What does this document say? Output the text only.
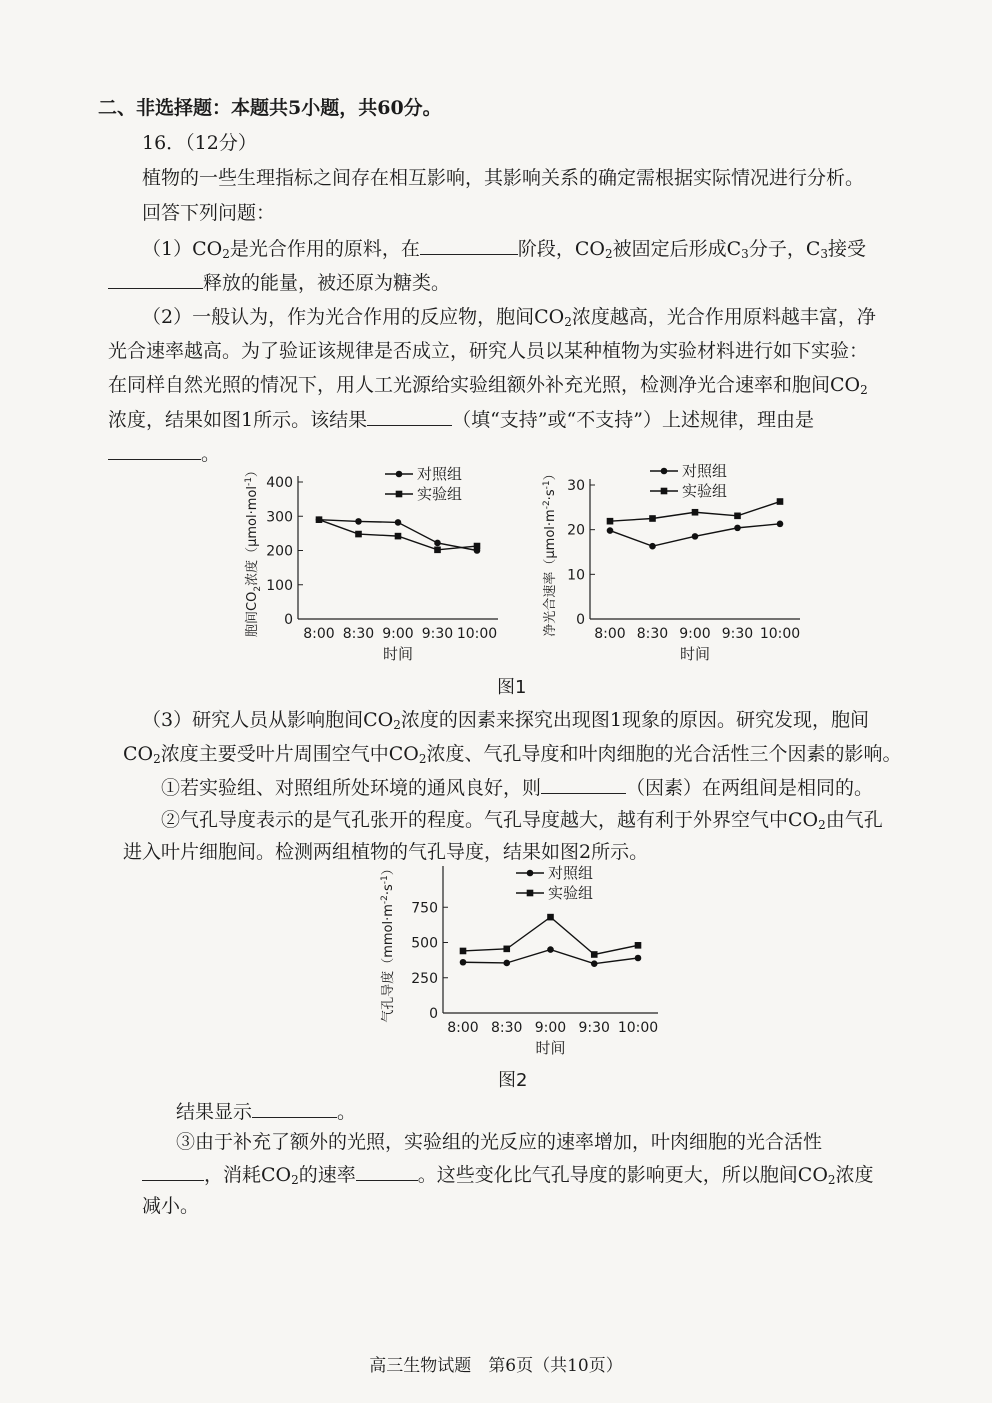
二、非选择题：本题共5小题，共60分。
16．（12分）
植物的一些生理指标之间存在相互影响，其影响关系的确定需根据实际情况进行分析。
回答下列问题：
$(1)CO_2$是光合作用的原料，在	阶段，$CO_2$被固定后形成$C_3$分子，$C_3$接受
释放的能量，被还原为糖类。
（2）一般认为，作为光合作用的反应物，胞间$CO_2$浓度越高，光合作用原料越丰富，净
光合速率越高。为了验证该规律是否成立，研究人员以某种植物为实验材料进行如下实验：
在同样自然光照的情况下，用人工光源给实验组额外补充光照，检测净光合速率和胞间$CO_2$
浓度，结果如图1所示。该结果	（填“支持”或“不支持”）上述规律，理由是
。
0
100
200
300
400
8:00 8:30 9:00 9:30 10:00
时间
胞间$CO_2$浓度（μmol·mol$^{-1}$）	对照组
实验组
0
10
20
30
8:00 8:30 9:00 9:30 10:00
时间
净光合速率$(\mu mol\cdot m^{-2}\cdot s^{-1})$	对照组
实验组
图1
（3）研究人员从影响胞间$CO_2$浓度的因素来探究出现图1现象的原因。研究发现，胞间
$CO_2$浓度主要受叶片周围空气中$CO_2$浓度、气孔导度和叶肉细胞的光合活性三个因素的影响。
①若实验组、对照组所处环境的通风良好，则	（因素）在两组间是相同的。
②气孔导度表示的是气孔张开的程度。气孔导度越大，越有利于外界空气中$CO_2$由气孔
进入叶片细胞间。检测两组植物的气孔导度，结果如图2所示。
0
250
500
750
8:00 8:30 9:00 9:30 10:00
时间
气孔导度$(mmol\cdot m^{-2}\cdot s^{-1})$	对照组
实验组
图2
结果显示	。
③由于补充了额外的光照，实验组的光反应的速率增加，叶肉细胞的光合活性
，消耗$CO_2$的速率	。这些变化比气孔导度的影响更大，所以胞间$CO_2$浓度
减小。
高三生物试题　第6页（共10页）
